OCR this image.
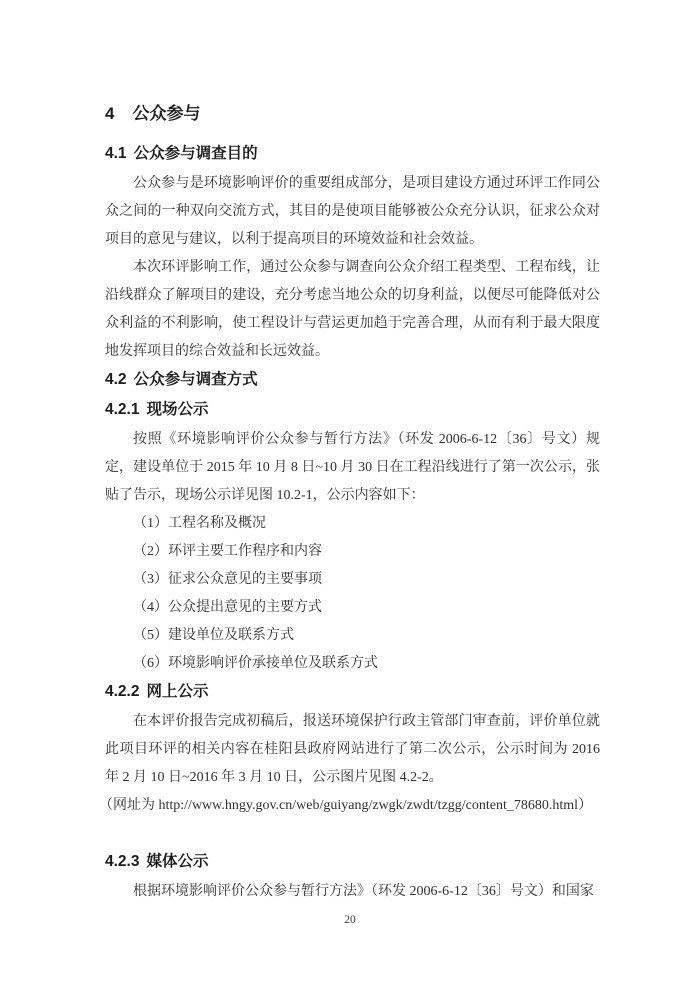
4 公众参与
4.1 公众参与调查目的

公众参与是环境影响评价的重要组成部分，是项目建设方通过环评工作同公众之间的一种双向交流方式，其目的是使项目能够被公众充分认识，征求公众对项目的意见与建议，以利于提高项目的环境效益和社会效益。

本次环评影响工作，通过公众参与调查向公众介绍工程类型、工程布线，让沿线群众了解项目的建设，充分考虑当地公众的切身利益，以便尽可能降低对公众利益的不利影响，使工程设计与营运更加趋于完善合理，从而有利于最大限度地发挥项目的综合效益和长远效益。

4.2 公众参与调查方式
4.2.1 现场公示

按照《环境影响评价公众参与暂行方法》（环发 2006-6-12〔36〕号文）规定，建设单位于 2015 年 10 月 8 日~10 月 30 日在工程沿线进行了第一次公示，张贴了告示，现场公示详见图 10.2-1，公示内容如下：

（1）工程名称及概况
（2）环评主要工作程序和内容
（3）征求公众意见的主要事项
（4）公众提出意见的主要方式
（5）建设单位及联系方式
（6）环境影响评价承接单位及联系方式
4.2.2 网上公示

在本评价报告完成初稿后，报送环境保护行政主管部门审查前，评价单位就此项目环评的相关内容在桂阳县政府网站进行了第二次公示，公示时间为 2016 年 2 月 10 日~2016 年 3 月 10 日，公示图片见图 4.2-2。

（网址为 http://www.hngy.gov.cn/web/guiyang/zwgk/zwdt/tzgg/content_78680.html）
4.2.3 媒体公示

根据环境影响评价公众参与暂行方法》（环发 2006-6-12〔36〕号文）和国家

20
